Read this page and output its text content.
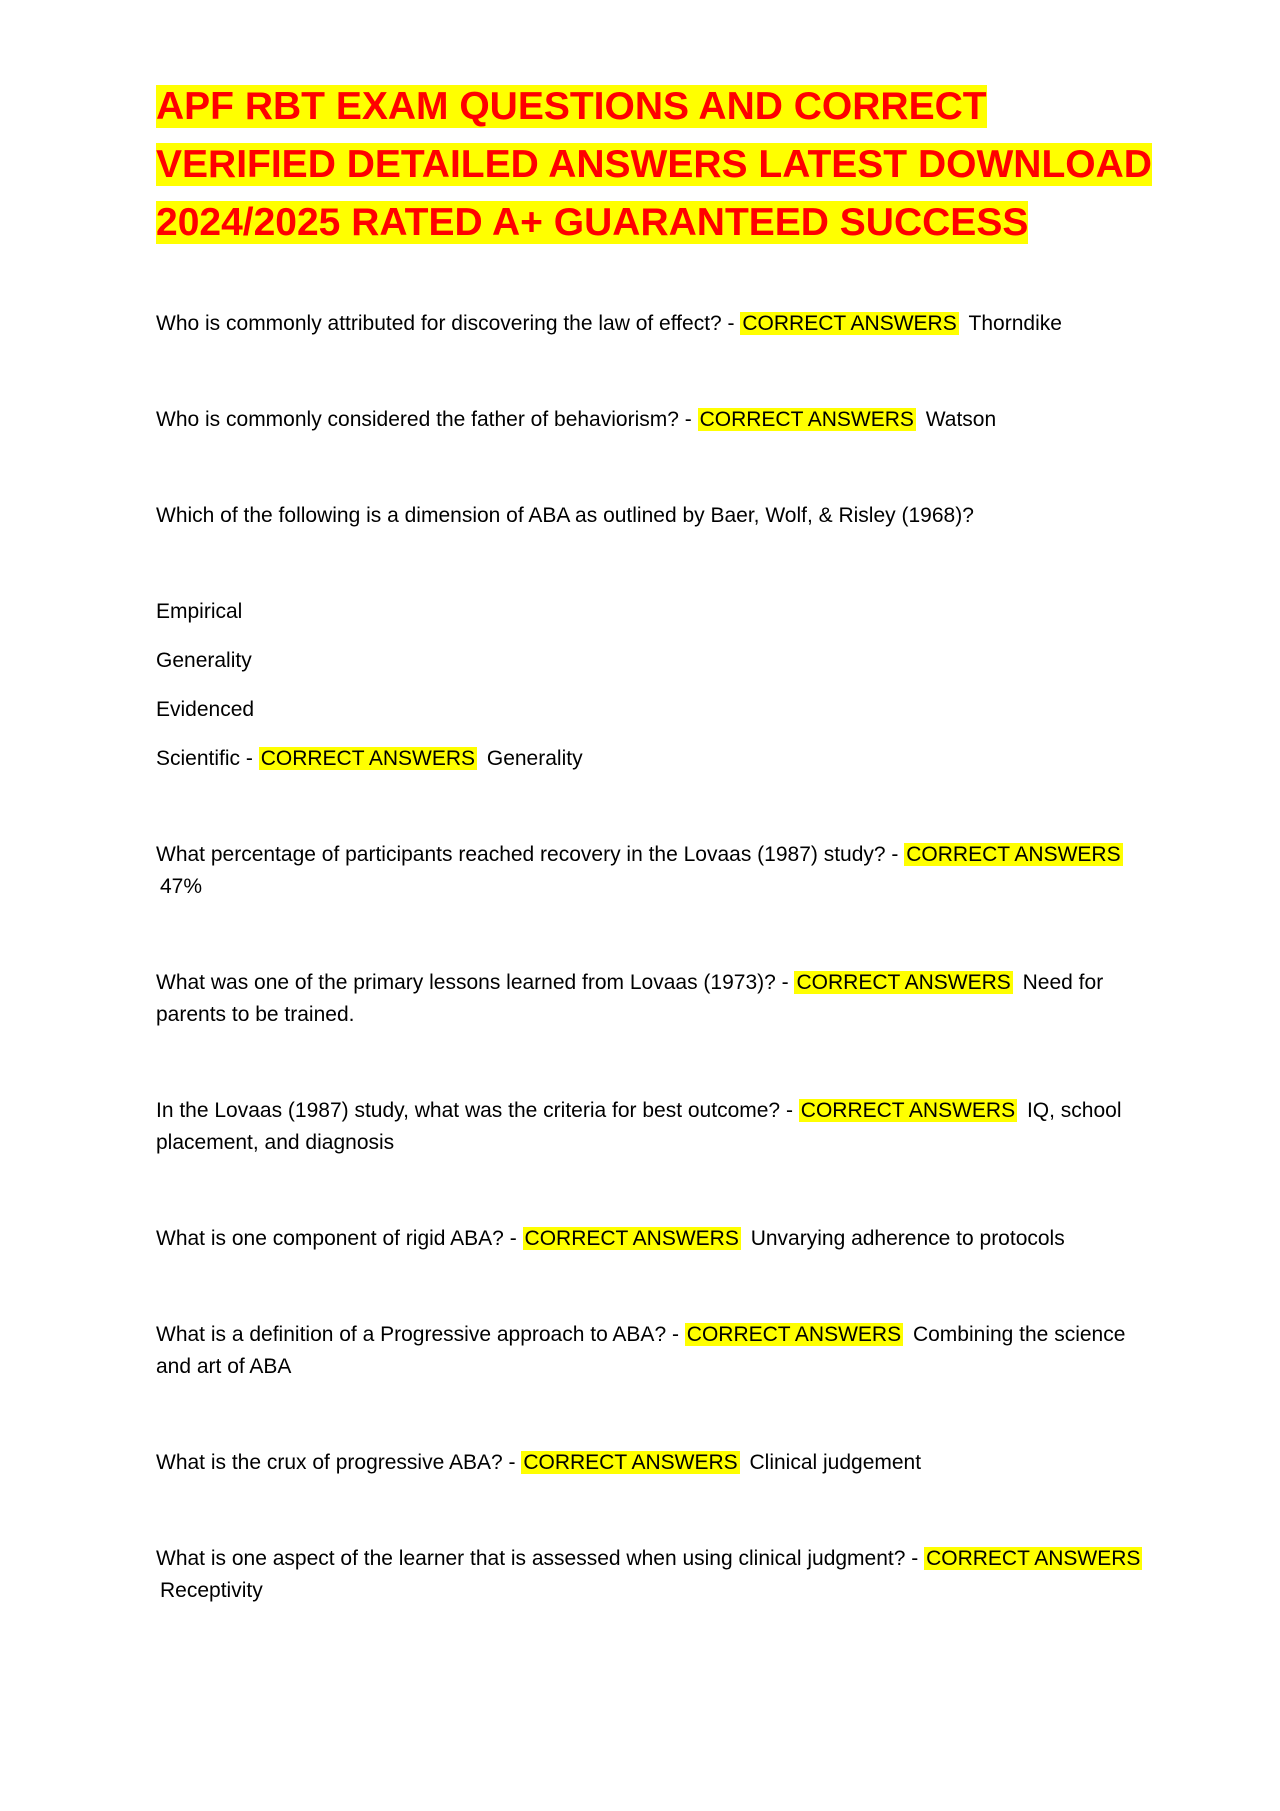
APF RBT EXAM QUESTIONS AND CORRECT VERIFIED DETAILED ANSWERS LATEST DOWNLOAD 2024/2025 RATED A+ GUARANTEED SUCCESS

Who is commonly attributed for discovering the law of effect? - CORRECT ANSWERS Thorndike

Who is commonly considered the father of behaviorism? - CORRECT ANSWERS Watson

Which of the following is a dimension of ABA as outlined by Baer, Wolf, & Risley (1968)?

Empirical

Generality

Evidenced

Scientific - CORRECT ANSWERS Generality

What percentage of participants reached recovery in the Lovaas (1987) study? - CORRECT ANSWERS 47%

What was one of the primary lessons learned from Lovaas (1973)? - CORRECT ANSWERS Need for parents to be trained.

In the Lovaas (1987) study, what was the criteria for best outcome? - CORRECT ANSWERS IQ, school placement, and diagnosis

What is one component of rigid ABA? - CORRECT ANSWERS Unvarying adherence to protocols

What is a definition of a Progressive approach to ABA? - CORRECT ANSWERS Combining the science and art of ABA

What is the crux of progressive ABA? - CORRECT ANSWERS Clinical judgement

What is one aspect of the learner that is assessed when using clinical judgment? - CORRECT ANSWERS Receptivity
